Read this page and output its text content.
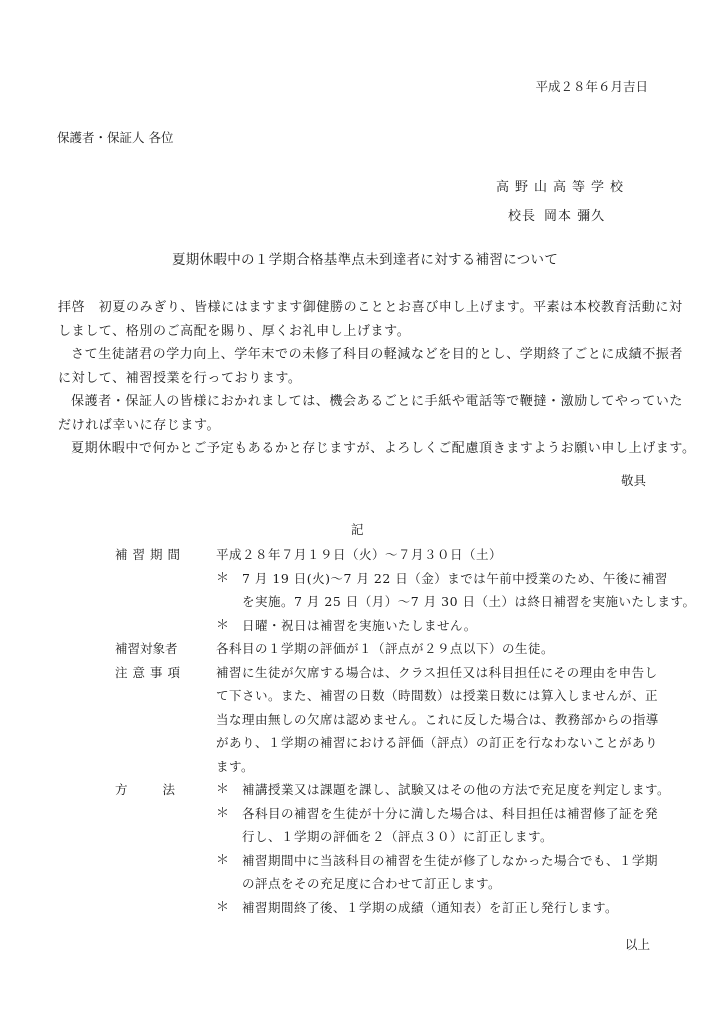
平成２８年６月吉日
保護者・保証人 各位
高野山高等学校
校長 岡本 彌久
夏期休暇中の１学期合格基準点未到達者に対する補習について

拝啓　初夏のみぎり、皆様にはますます御健勝のこととお喜び申し上げます。平素は本校教育活動に対

しまして、格別のご高配を賜り、厚くお礼申し上げます。

さて生徒諸君の学力向上、学年末での未修了科目の軽減などを目的とし、学期終了ごとに成績不振者

に対して、補習授業を行っております。

保護者・保証人の皆様におかれましては、機会あるごとに手紙や電話等で鞭撻・激励してやっていた

だければ幸いに存じます。

夏期休暇中で何かとご予定もあるかと存じますが、よろしくご配慮頂きますようお願い申し上げます。

敬具
記
補習期間	平成２８年７月１９日（火）～７月３０日（土）
＊	7 月 19 日(火)～7 月 22 日（金）までは午前中授業のため、午後に補習
を実施。7 月 25 日（月）～7 月 30 日（土）は終日補習を実施いたします。
＊	日曜・祝日は補習を実施いたしません。
補習対象者	各科目の１学期の評価が１（評点が２９点以下）の生徒。
注意事項	補習に生徒が欠席する場合は、クラス担任又は科目担任にその理由を申告し
て下さい。また、補習の日数（時間数）は授業日数には算入しませんが、正
当な理由無しの欠席は認めません。これに反した場合は、教務部からの指導
があり、１学期の補習における評価（評点）の訂正を行なわないことがあり
ます。
方	法	＊	補講授業又は課題を課し、試験又はその他の方法で充足度を判定します。
＊	各科目の補習を生徒が十分に満した場合は、科目担任は補習修了証を発
行し、１学期の評価を２（評点３０）に訂正します。
＊	補習期間中に当該科目の補習を生徒が修了しなかった場合でも、１学期
の評点をその充足度に合わせて訂正します。
＊	補習期間終了後、１学期の成績（通知表）を訂正し発行します。
以上
